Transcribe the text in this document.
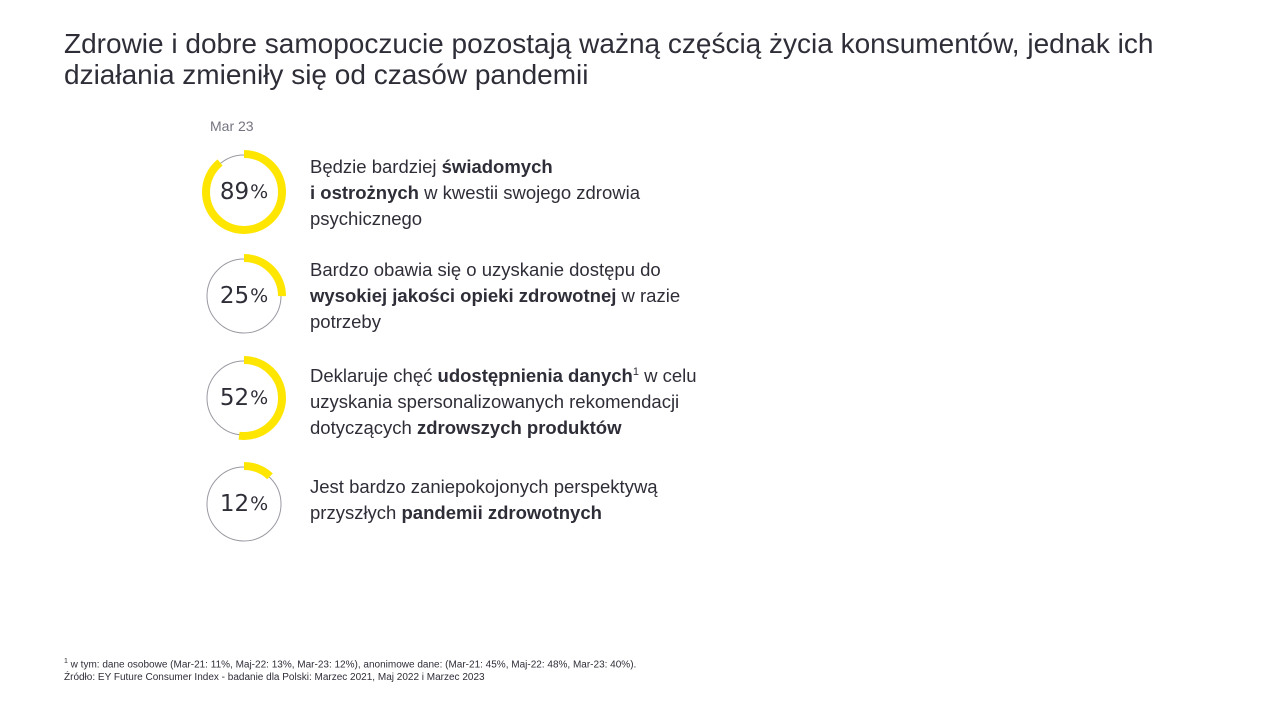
Zdrowie i dobre samopoczucie pozostają ważną częścią życia konsumentów, jednak ich działania zmieniły się od czasów pandemii
Mar 23
89 %
Będzie bardziej świadomych
i ostrożnych w kwestii swojego zdrowia psychicznego
25 %
Bardzo obawia się o uzyskanie dostępu do
wysokiej jakości opieki zdrowotnej w razie potrzeby
52 %
Deklaruje chęć udostępnienia danych$^1$ w celu uzyskania spersonalizowanych rekomendacji dotyczących zdrowszych produktów
12 %
Jest bardzo zaniepokojonych perspektywą przyszłych pandemii zdrowotnych
$^1$ w tym: dane osobowe (Mar-21: 11%, Maj-22: 13%, Mar-23: 12%), anonimowe dane: (Mar-21: 45%, Maj-22: 48%, Mar-23: 40%).
Źródło: EY Future Consumer Index - badanie dla Polski: Marzec 2021, Maj 2022 i Marzec 2023
